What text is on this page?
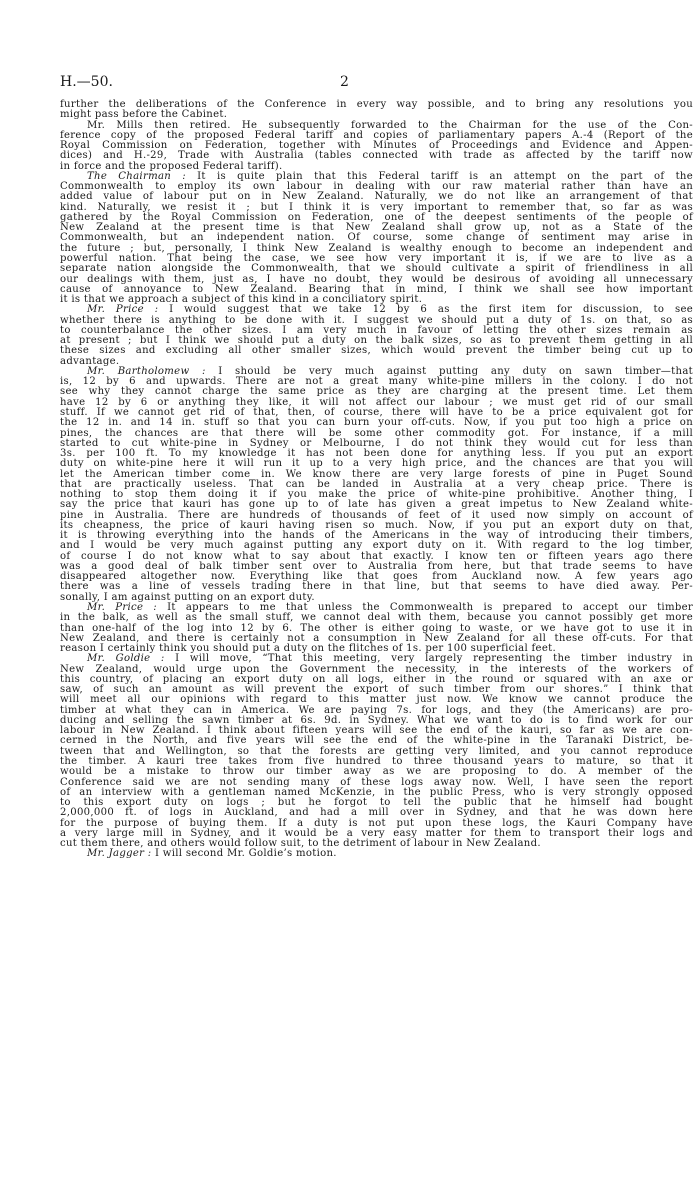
H.—50.	2
further the deliberations of the Conference in every way possible, and to bring any resolutions you
might pass before the Cabinet.
Mr. Mills then retired. He subsequently forwarded to the Chairman for the use of the Con-
ference copy of the proposed Federal tariff and copies of parliamentary papers A.-4 (Report of the
Royal Commission on Federation, together with Minutes of Proceedings and Evidence and Appen-
dices) and H.-29, Trade with Australia (tables connected with trade as affected by the tariff now
in force and the proposed Federal tariff).
The Chairman : It is quite plain that this Federal tariff is an attempt on the part of the
Commonwealth to employ its own labour in dealing with our raw material rather than have an
added value of labour put on in New Zealand. Naturally, we do not like an arrangement of that
kind. Naturally, we resist it ; but I think it is very important to remember that, so far as was
gathered by the Royal Commission on Federation, one of the deepest sentiments of the people of
New Zealand at the present time is that New Zealand shall grow up, not as a State of the
Commonwealth, but an independent nation. Of course, some change of sentiment may arise in
the future ; but, personally, I think New Zealand is wealthy enough to become an independent and
powerful nation. That being the case, we see how very important it is, if we are to live as a
separate nation alongside the Commonwealth, that we should cultivate a spirit of friendliness in all
our dealings with them, just as, I have no doubt, they would be desirous of avoiding all unnecessary
cause of annoyance to New Zealand. Bearing that in mind, I think we shall see how important
it is that we approach a subject of this kind in a conciliatory spirit.
Mr. Price : I would suggest that we take 12 by 6 as the first item for discussion, to see
whether there is anything to be done with it. I suggest we should put a duty of 1s. on that, so as
to counterbalance the other sizes. I am very much in favour of letting the other sizes remain as
at present ; but I think we should put a duty on the balk sizes, so as to prevent them getting in all
these sizes and excluding all other smaller sizes, which would prevent the timber being cut up to
advantage.
Mr. Bartholomew : I should be very much against putting any duty on sawn timber—that
is, 12 by 6 and upwards. There are not a great many white-pine millers in the colony. I do not
see why they cannot charge the same price as they are charging at the present time. Let them
have 12 by 6 or anything they like, it will not affect our labour ; we must get rid of our small
stuff. If we cannot get rid of that, then, of course, there will have to be a price equivalent got for
the 12 in. and 14 in. stuff so that you can burn your off-cuts. Now, if you put too high a price on
pines, the chances are that there will be some other commodity got. For instance, if a mill
started to cut white-pine in Sydney or Melbourne, I do not think they would cut for less than
3s. per 100 ft. To my knowledge it has not been done for anything less. If you put an export
duty on white-pine here it will run it up to a very high price, and the chances are that you will
let the American timber come in. We know there are very large forests of pine in Puget Sound
that are practically useless. That can be landed in Australia at a very cheap price. There is
nothing to stop them doing it if you make the price of white-pine prohibitive. Another thing, I
say the price that kauri has gone up to of late has given a great impetus to New Zealand white-
pine in Australia. There are hundreds of thousands of feet of it used now simply on account of
its cheapness, the price of kauri having risen so much. Now, if you put an export duty on that,
it is throwing everything into the hands of the Americans in the way of introducing their timbers,
and I would be very much against putting any export duty on it. With regard to the log timber,
of course I do not know what to say about that exactly. I know ten or fifteen years ago there
was a good deal of balk timber sent over to Australia from here, but that trade seems to have
disappeared altogether now. Everything like that goes from Auckland now. A few years ago
there was a line of vessels trading there in that line, but that seems to have died away. Per-
sonally, I am against putting on an export duty.
Mr. Price : It appears to me that unless the Commonwealth is prepared to accept our timber
in the balk, as well as the small stuff, we cannot deal with them, because you cannot possibly get more
than one-half of the log into 12 by 6. The other is either going to waste, or we have got to use it in
New Zealand, and there is certainly not a consumption in New Zealand for all these off-cuts. For that
reason I certainly think you should put a duty on the flitches of 1s. per 100 superficial feet.
Mr. Goldie : I will move, “That this meeting, very largely representing the timber industry in
New Zealand, would urge upon the Government the necessity, in the interests of the workers of
this country, of placing an export duty on all logs, either in the round or squared with an axe or
saw, of such an amount as will prevent the export of such timber from our shores.” I think that
will meet all our opinions with regard to this matter just now. We know we cannot produce the
timber at what they can in America. We are paying 7s. for logs, and they (the Americans) are pro-
ducing and selling the sawn timber at 6s. 9d. in Sydney. What we want to do is to find work for our
labour in New Zealand. I think about fifteen years will see the end of the kauri, so far as we are con-
cerned in the North, and five years will see the end of the white-pine in the Taranaki District, be-
tween that and Wellington, so that the forests are getting very limited, and you cannot reproduce
the timber. A kauri tree takes from five hundred to three thousand years to mature, so that it
would be a mistake to throw our timber away as we are proposing to do. A member of the
Conference said we are not sending many of these logs away now. Well, I have seen the report
of an interview with a gentleman named McKenzie, in the public Press, who is very strongly opposed
to this export duty on logs ; but he forgot to tell the public that he himself had bought
2,000,000 ft. of logs in Auckland, and had a mill over in Sydney, and that he was down here
for the purpose of buying them. If a duty is not put upon these logs, the Kauri Company have
a very large mill in Sydney, and it would be a very easy matter for them to transport their logs and
cut them there, and others would follow suit, to the detriment of labour in New Zealand.
Mr. Jagger : I will second Mr. Goldie’s motion.
